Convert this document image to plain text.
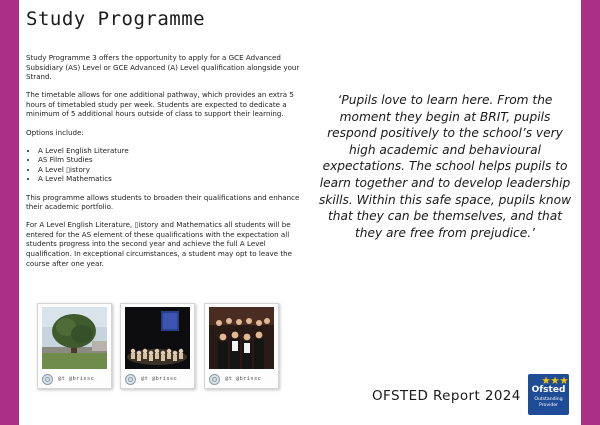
Study Programme

Study Programme 3 offers the opportunity to apply for a GCE Advanced Subsidiary (AS) Level or GCE Advanced (A) Level qualification alongside your Strand.

The timetable allows for one additional pathway, which provides an extra 5 hours of timetabled study per week. Students are expected to dedicate a minimum of 5 additional hours outside of class to support their learning.

Options include:

• A Level English Literature
• AS Film Studies
• A Level ▯istory
• A Level Mathematics

This programme allows students to broaden their qualifications and enhance their academic portfolio.

For A Level English Literature, ▯istory and Mathematics all students will be entered for the AS element of these qualifications with the expectation all students progress into the second year and achieve the full A Level qualification. In exceptional circumstances, a student may opt to leave the course after one year.

‘Pupils love to learn here. From the moment they begin at BRIT, pupils respond positively to the school’s very high academic and behavioural expectations. The school helps pupils to learn together and to develop leadership skills. Within this safe space, pupils know that they can be themselves, and that they are free from prejudice.’
@t @brissc	@t @brissc	@t @brissc
OFSTED Report 2024	Ofsted
Outstanding
Provider
